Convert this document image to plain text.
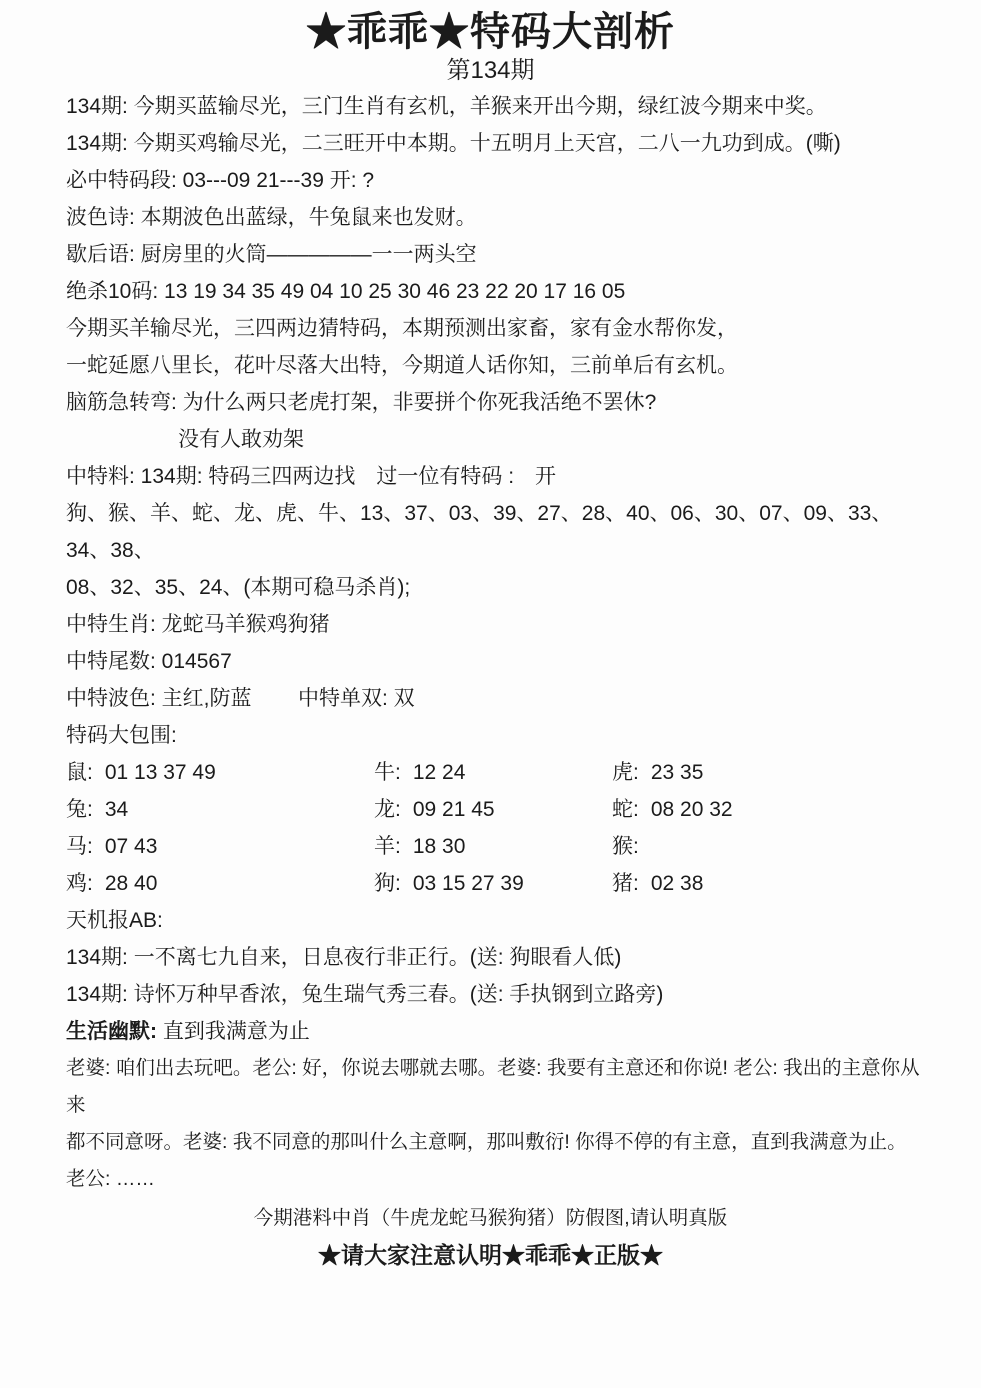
★乖乖★特码大剖析
第134期

134期: 今期买蓝输尽光，三门生肖有玄机，羊猴来开出今期，绿红波今期来中奖。

134期: 今期买鸡输尽光，二三旺开中本期。十五明月上天宫，二八一九功到成。(嘶)

必中特码段: 03---09 21---39 开: ?

波色诗: 本期波色出蓝绿，牛兔鼠来也发财。

歇后语: 厨房里的火筒—————一一两头空

绝杀10码: 13 19 34 35 49 04 10 25 30 46 23 22 20 17 16 05

今期买羊输尽光，三四两边猜特码，本期预测出家畜，家有金水帮你发，

一蛇延愿八里长，花叶尽落大出特，今期道人话你知，三前单后有玄机。

脑筋急转弯: 为什么两只老虎打架，非要拼个你死我活绝不罢休?

没有人敢劝架

中特料: 134期: 特码三四两边找　过一位有特码 :　开

狗、猴、羊、蛇、龙、虎、牛、13、37、03、39、27、28、40、06、30、07、09、33、34、38、

08、32、35、24、(本期可稳马杀肖);

中特生肖: 龙蛇马羊猴鸡狗猪

中特尾数: 014567

中特波色: 主红,防蓝 中特单双: 双

特码大包围:

鼠: 01 13 37 49	牛: 12 24	虎: 23 35
兔: 34	龙: 09 21 45	蛇: 08 20 32
马: 07 43	羊: 18 30	猴:
鸡: 28 40	狗: 03 15 27 39	猪: 02 38

天机报AB:

134期: 一不离七九自来，日息夜行非正行。(送: 狗眼看人低)

134期: 诗怀万种早香浓，兔生瑞气秀三春。(送: 手执钢到立路旁)

生活幽默: 直到我满意为止

老婆: 咱们出去玩吧。老公: 好，你说去哪就去哪。老婆: 我要有主意还和你说! 老公: 我出的主意你从来

都不同意呀。老婆: 我不同意的那叫什么主意啊，那叫敷衍! 你得不停的有主意，直到我满意为止。

老公: ……

今期港料中肖（牛虎龙蛇马猴狗猪）防假图,请认明真版
★请大家注意认明★乖乖★正版★
